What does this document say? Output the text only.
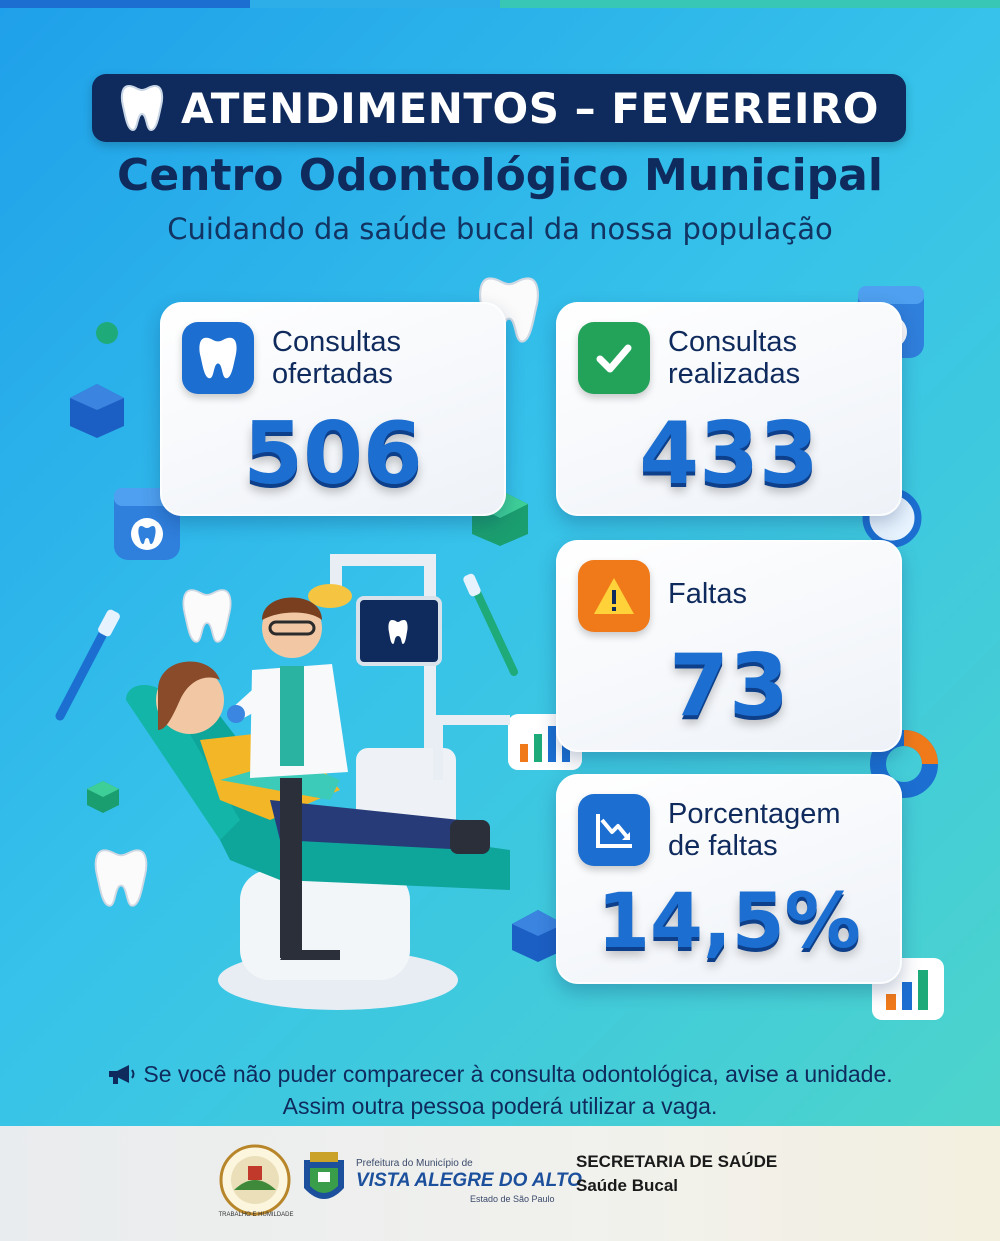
ATENDIMENTOS – FEVEREIRO
Centro Odontológico Municipal
Cuidando da saúde bucal da nossa população
Consultas
ofertadas
506
Consultas
realizadas
433
Faltas
73
Porcentagem
de faltas
14,5%
Se você não puder comparecer à consulta odontológica, avise a unidade.
Assim outra pessoa poderá utilizar a vaga.
TRABALHO E HUMILDADE
Prefeitura do Município de
VISTA ALEGRE DO ALTO
Estado de São Paulo
SECRETARIA DE SAÚDE
Saúde Bucal
